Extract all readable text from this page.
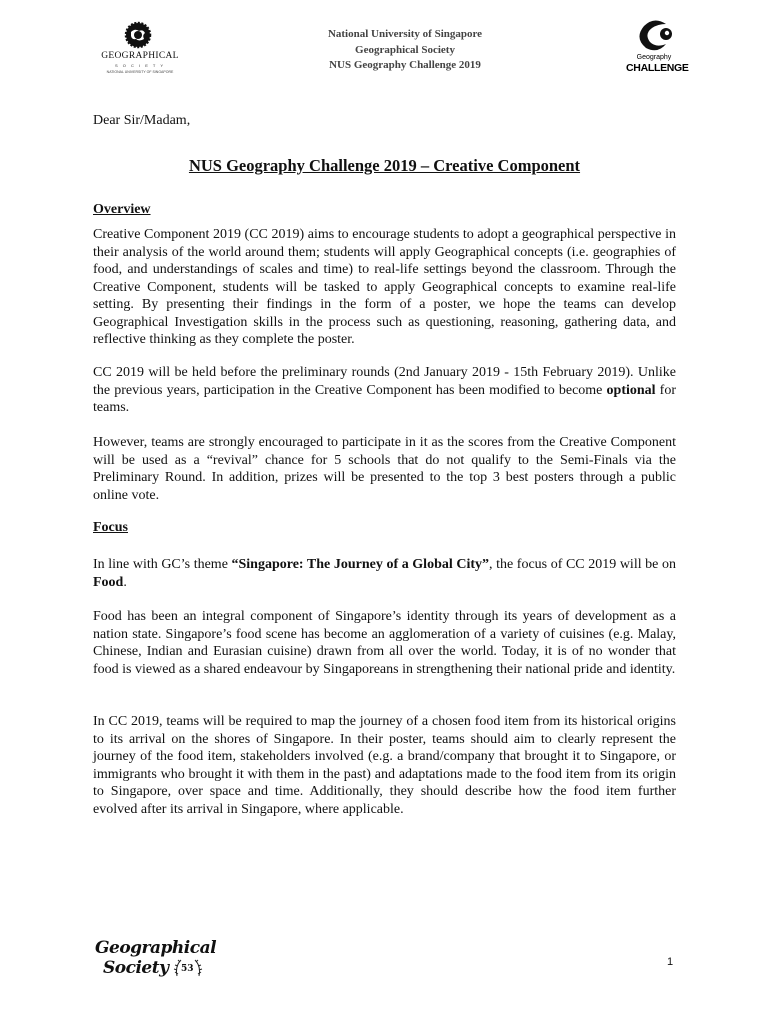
GEOGRAPHICAL
S O C I E T Y
NATIONAL UNIVERSITY OF SINGAPORE
National University of Singapore
Geographical Society
NUS Geography Challenge 2019
Geography
CHALLENGE
Dear Sir/Madam,
NUS Geography Challenge 2019 – Creative Component
Overview
Creative Component 2019 (CC 2019) aims to encourage students to adopt a geographical perspective in their analysis of the world around them; students will apply Geographical concepts (i.e. geographies of food, and understandings of scales and time) to real-life settings beyond the classroom. Through the Creative Component, students will be tasked to apply Geographical concepts to examine real-life setting. By presenting their findings in the form of a poster, we hope the teams can develop Geographical Investigation skills in the process such as questioning, reasoning, gathering data, and reflective thinking as they complete the poster.
CC 2019 will be held before the preliminary rounds (2nd January 2019 - 15th February 2019). Unlike the previous years, participation in the Creative Component has been modified to become optional for teams.
However, teams are strongly encouraged to participate in it as the scores from the Creative Component will be used as a “revival” chance for 5 schools that do not qualify to the Semi-Finals via the Preliminary Round. In addition, prizes will be presented to the top 3 best posters through a public online vote.
Focus
In line with GC’s theme “Singapore: The Journey of a Global City”, the focus of CC 2019 will be on Food.
Food has been an integral component of Singapore’s identity through its years of development as a nation state. Singapore’s food scene has become an agglomeration of a variety of cuisines (e.g. Malay, Chinese, Indian and Eurasian cuisine) drawn from all over the world. Today, it is of no wonder that food is viewed as a shared endeavour by Singaporeans in strengthening their national pride and identity.
In CC 2019, teams will be required to map the journey of a chosen food item from its historical origins to its arrival on the shores of Singapore. In their poster, teams should aim to clearly represent the journey of the food item, stakeholders involved (e.g. a brand/company that brought it to Singapore, or immigrants who brought it with them in the past) and adaptations made to the food item from its origin to Singapore, over space and time. Additionally, they should describe how the food item further evolved after its arrival in Singapore, where applicable.
Geographical
Society 53
1
